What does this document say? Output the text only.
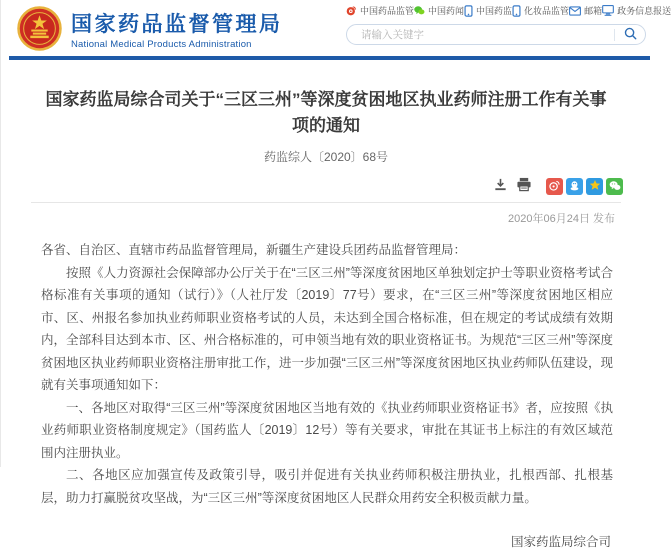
国家药品监督管理局
National Medical Products Administration
中国药品监管 中国药闻 中国药监 化妆品监管 邮箱 政务信息报送
请输入关键字
国家药监局综合司关于“三区三州”等深度贫困地区执业药师注册工作有关事项的通知
药监综人〔2020〕68号
2020年06月24日 发布

各省、自治区、直辖市药品监督管理局，新疆生产建设兵团药品监督管理局：

按照《人力资源社会保障部办公厅关于在“三区三州”等深度贫困地区单独划定护士等职业资格考试合格标准有关事项的通知（试行）》（人社厅发〔2019〕77号）要求，在“三区三州”等深度贫困地区相应市、区、州报名参加执业药师职业资格考试的人员，未达到全国合格标准，但在规定的考试成绩有效期内，全部科目达到本市、区、州合格标准的，可申领当地有效的职业资格证书。为规范“三区三州”等深度贫困地区执业药师职业资格注册审批工作，进一步加强“三区三州”等深度贫困地区执业药师队伍建设，现就有关事项通知如下：

一、各地区对取得“三区三州”等深度贫困地区当地有效的《执业药师职业资格证书》者，应按照《执业药师职业资格制度规定》（国药监人〔2019〕12号）等有关要求，审批在其证书上标注的有效区域范围内注册执业。

二、各地区应加强宣传及政策引导，吸引并促进有关执业药师积极注册执业，扎根西部、扎根基层，助力打赢脱贫攻坚战，为“三区三州”等深度贫困地区人民群众用药安全积极贡献力量。

国家药监局综合司
